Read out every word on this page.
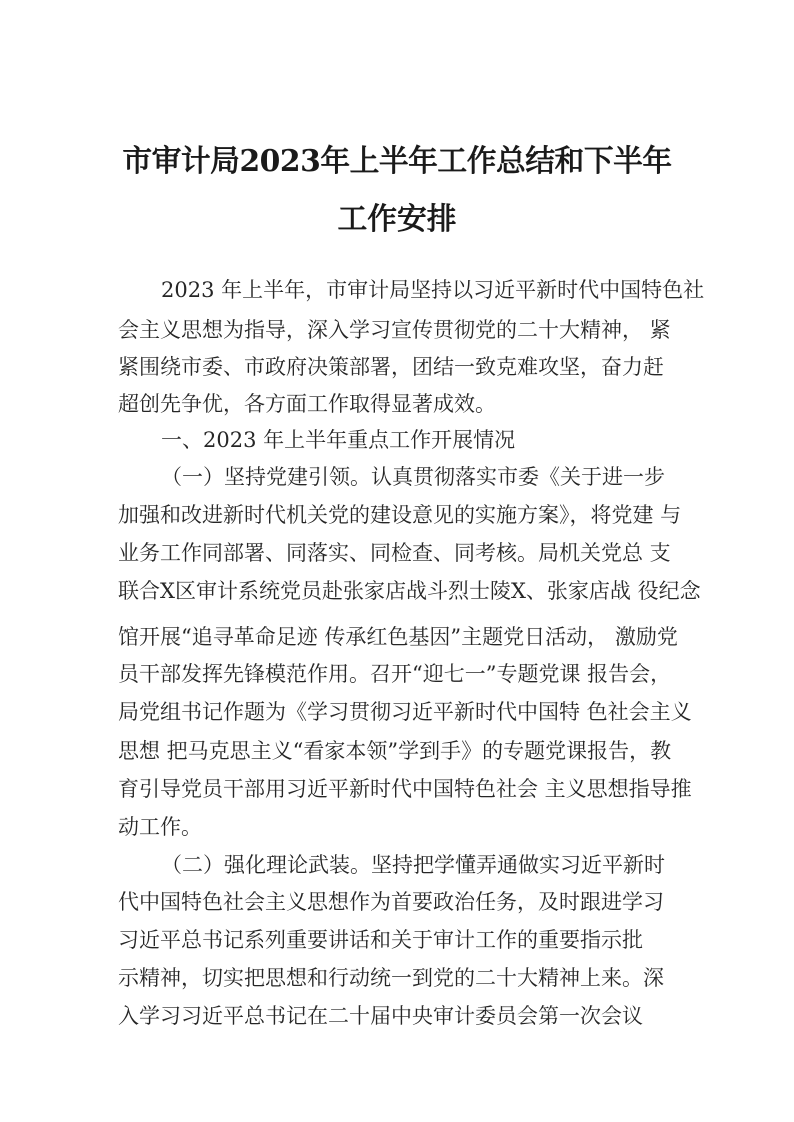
市审计局2023年上半年工作总结和下半年
工作安排
2023 年上半年，市审计局坚持以习近平新时代中国特色社
会主义思想为指导，深入学习宣传贯彻党的二十大精神， 紧
紧围绕市委、市政府决策部署，团结一致克难攻坚，奋力赶
超创先争优，各方面工作取得显著成效。
一、2023 年上半年重点工作开展情况
（一）坚持党建引领。认真贯彻落实市委《关于进一步
加强和改进新时代机关党的建设意见的实施方案》，将党建 与
业务工作同部署、同落实、同检查、同考核。局机关党总 支
联合X区审计系统党员赴张家店战斗烈士陵X、张家店战 役纪念
馆开展“追寻革命足迹 传承红色基因”主题党日活动， 激励党
员干部发挥先锋模范作用。召开“迎七一”专题党课 报告会，
局党组书记作题为《学习贯彻习近平新时代中国特 色社会主义
思想 把马克思主义“看家本领”学到手》的专题党课报告，教
育引导党员干部用习近平新时代中国特色社会 主义思想指导推
动工作。
（二）强化理论武装。坚持把学懂弄通做实习近平新时
代中国特色社会主义思想作为首要政治任务，及时跟进学习
习近平总书记系列重要讲话和关于审计工作的重要指示批
示精神，切实把思想和行动统一到党的二十大精神上来。深
入学习习近平总书记在二十届中央审计委员会第一次会议
